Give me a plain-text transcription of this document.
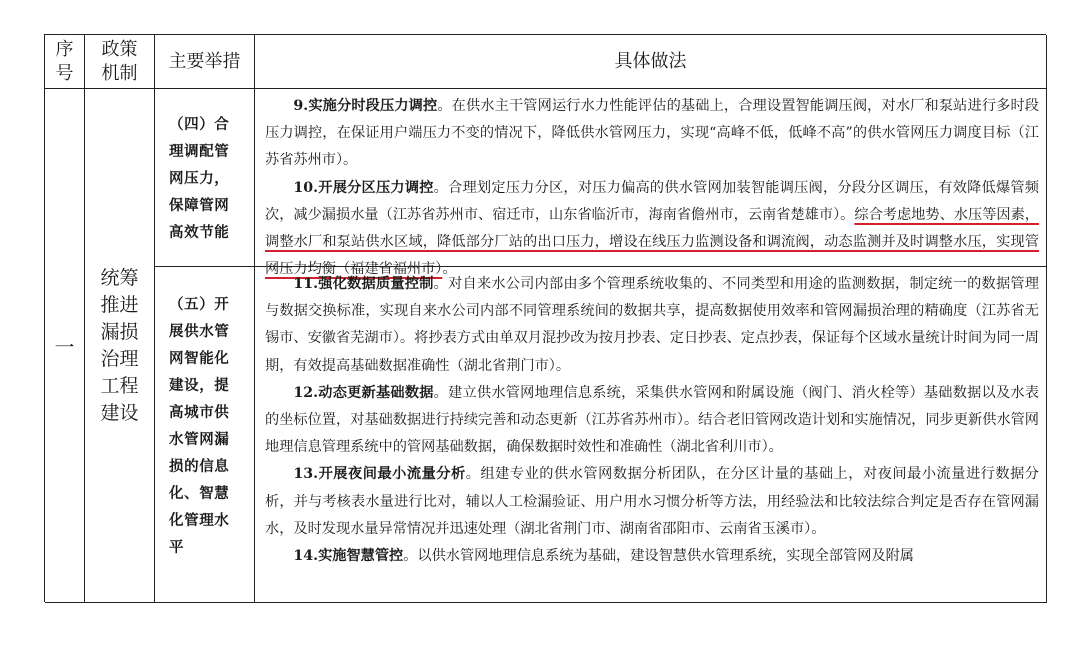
序
号
政策
机制
主要举措	具体做法
一
统筹
推进
漏损
治理
工程
建设
（四）合理调配管网压力，保障管网高效节能
（五）开展供水管网智能化建设，提高城市供水管网漏损的信息化、智慧化管理水平

9.实施分时段压力调控。在供水主干管网运行水力性能评估的基础上，合理设置智能调压阀，对水厂和泵站进行多时段压力调控，在保证用户端压力不变的情况下，降低供水管网压力，实现“高峰不低，低峰不高”的供水管网压力调度目标（江苏省苏州市）。

10.开展分区压力调控。合理划定压力分区，对压力偏高的供水管网加装智能调压阀，分段分区调压，有效降低爆管频次，减少漏损水量（江苏省苏州市、宿迁市，山东省临沂市，海南省儋州市，云南省楚雄市）。综合考虑地势、水压等因素，调整水厂和泵站供水区域，降低部分厂站的出口压力，增设在线压力监测设备和调流阀，动态监测并及时调整水压，实现管网压力均衡（福建省福州市）。

11.强化数据质量控制。对自来水公司内部由多个管理系统收集的、不同类型和用途的监测数据，制定统一的数据管理与数据交换标准，实现自来水公司内部不同管理系统间的数据共享，提高数据使用效率和管网漏损治理的精确度（江苏省无锡市、安徽省芜湖市）。将抄表方式由单双月混抄改为按月抄表、定日抄表、定点抄表，保证每个区域水量统计时间为同一周期，有效提高基础数据准确性（湖北省荆门市）。

12.动态更新基础数据。建立供水管网地理信息系统，采集供水管网和附属设施（阀门、消火栓等）基础数据以及水表的坐标位置，对基础数据进行持续完善和动态更新（江苏省苏州市）。结合老旧管网改造计划和实施情况，同步更新供水管网地理信息管理系统中的管网基础数据，确保数据时效性和准确性（湖北省利川市）。

13.开展夜间最小流量分析。组建专业的供水管网数据分析团队，在分区计量的基础上，对夜间最小流量进行数据分析，并与考核表水量进行比对，辅以人工检漏验证、用户用水习惯分析等方法，用经验法和比较法综合判定是否存在管网漏水，及时发现水量异常情况并迅速处理（湖北省荆门市、湖南省邵阳市、云南省玉溪市）。

14.实施智慧管控。以供水管网地理信息系统为基础，建设智慧供水管理系统，实现全部管网及附属
